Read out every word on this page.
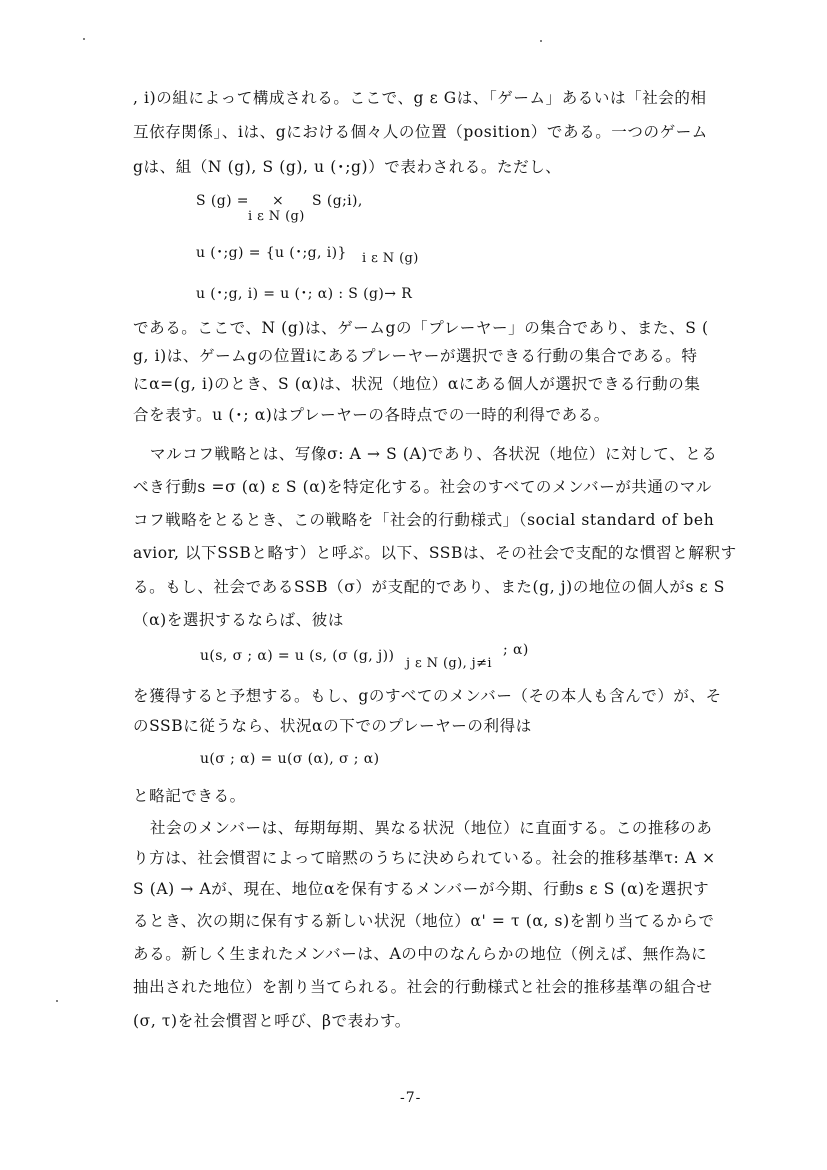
, i)の組によって構成される。ここで、g ε Gは、「ゲーム」あるいは「社会的相
互依存関係」、iは、gにおける個々人の位置（position）である。一つのゲーム
gは、組（N (g), S (g), u (･;g)）で表わされる。ただし、
S (g) = × S (g;i),
i ε N (g)
u (･;g) = {u (･;g, i)} i ε N (g)
u (･;g, i) = u (･; α) : S (g)→ R
である。ここで、N (g)は、ゲームgの「プレーヤー」の集合であり、また、S (
g, i)は、ゲームgの位置iにあるプレーヤーが選択できる行動の集合である。特
にα=(g, i)のとき、S (α)は、状況（地位）αにある個人が選択できる行動の集
合を表す。u (･; α)はプレーヤーの各時点での一時的利得である。
マルコフ戦略とは、写像σ: A → S (A)であり、各状況（地位）に対して、とる
べき行動s =σ (α) ε S (α)を特定化する。社会のすべてのメンバーが共通のマル
コフ戦略をとるとき、この戦略を「社会的行動様式」（social standard of beh
avior, 以下SSBと略す）と呼ぶ。以下、SSBは、その社会で支配的な慣習と解釈す
る。もし、社会であるSSB（σ）が支配的であり、また(g, j)の地位の個人がs ε S
（α)を選択するならば、彼は
u(s, σ ; α) = u (s, (σ (g, j)) j ε N (g), j≠i
; α)
を獲得すると予想する。もし、gのすべてのメンバー（その本人も含んで）が、そ
のSSBに従うなら、状況αの下でのプレーヤーの利得は
u(σ ; α) = u(σ (α), σ ; α)
と略記できる。
社会のメンバーは、毎期毎期、異なる状況（地位）に直面する。この推移のあ
り方は、社会慣習によって暗黙のうちに決められている。社会的推移基準τ: A ×
S (A) → Aが、現在、地位αを保有するメンバーが今期、行動s ε S (α)を選択す
るとき、次の期に保有する新しい状況（地位）α' = τ (α, s)を割り当てるからで
ある。新しく生まれたメンバーは、Aの中のなんらかの地位（例えば、無作為に
抽出された地位）を割り当てられる。社会的行動様式と社会的推移基準の組合せ
(σ, τ)を社会慣習と呼び、βで表わす。
-7-
